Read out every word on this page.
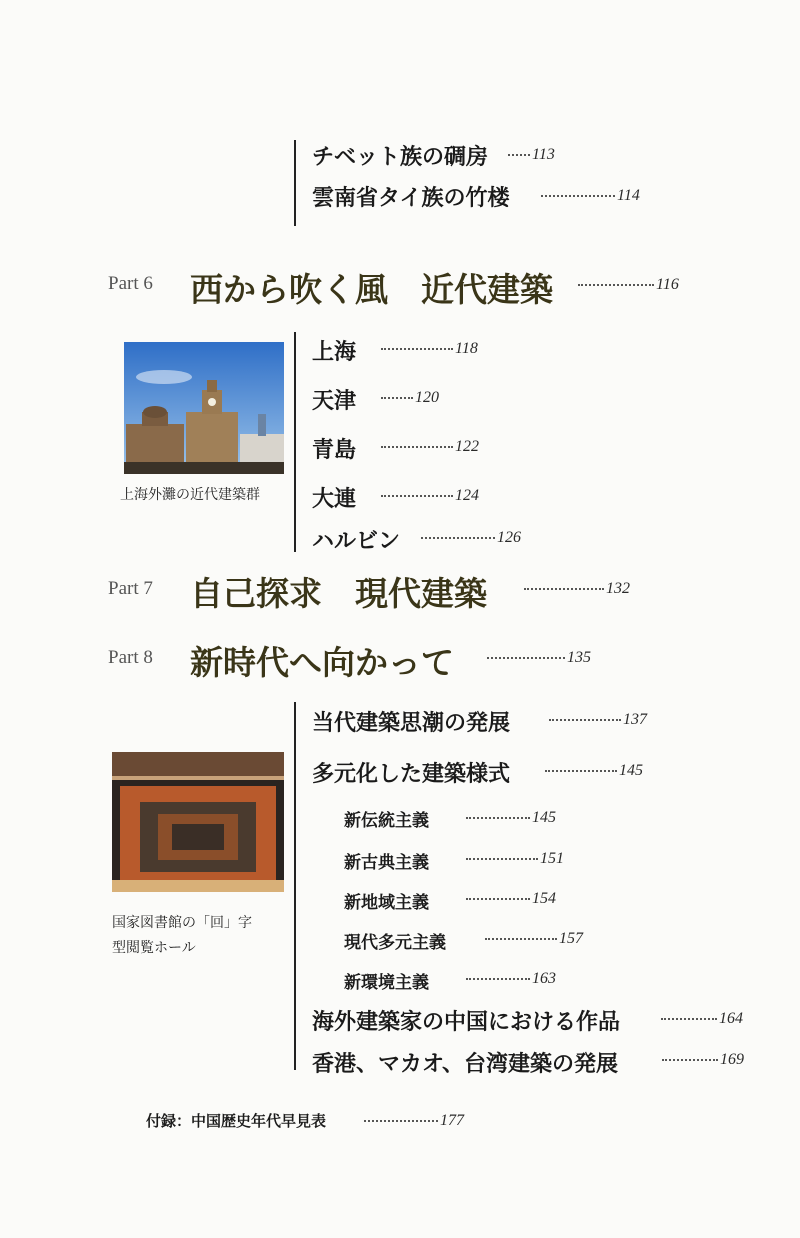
チベット族の碉房	113
雲南省タイ族の竹楼	114
Part 6 西から吹く風　近代建築	116
上海外灘の近代建築群
上海	118
天津	120
青島	122
大連	124
ハルビン	126
Part 7 自己探求　現代建築	132
Part 8 新時代へ向かって	135
国家図書館の「回」字
型閲覧ホール
当代建築思潮の発展	137
多元化した建築様式	145
新伝統主義	145
新古典主義	151
新地域主義	154
現代多元主義	157
新環境主義	163
海外建築家の中国における作品	164
香港、マカオ、台湾建築の発展	169
付録：中国歴史年代早見表	177
